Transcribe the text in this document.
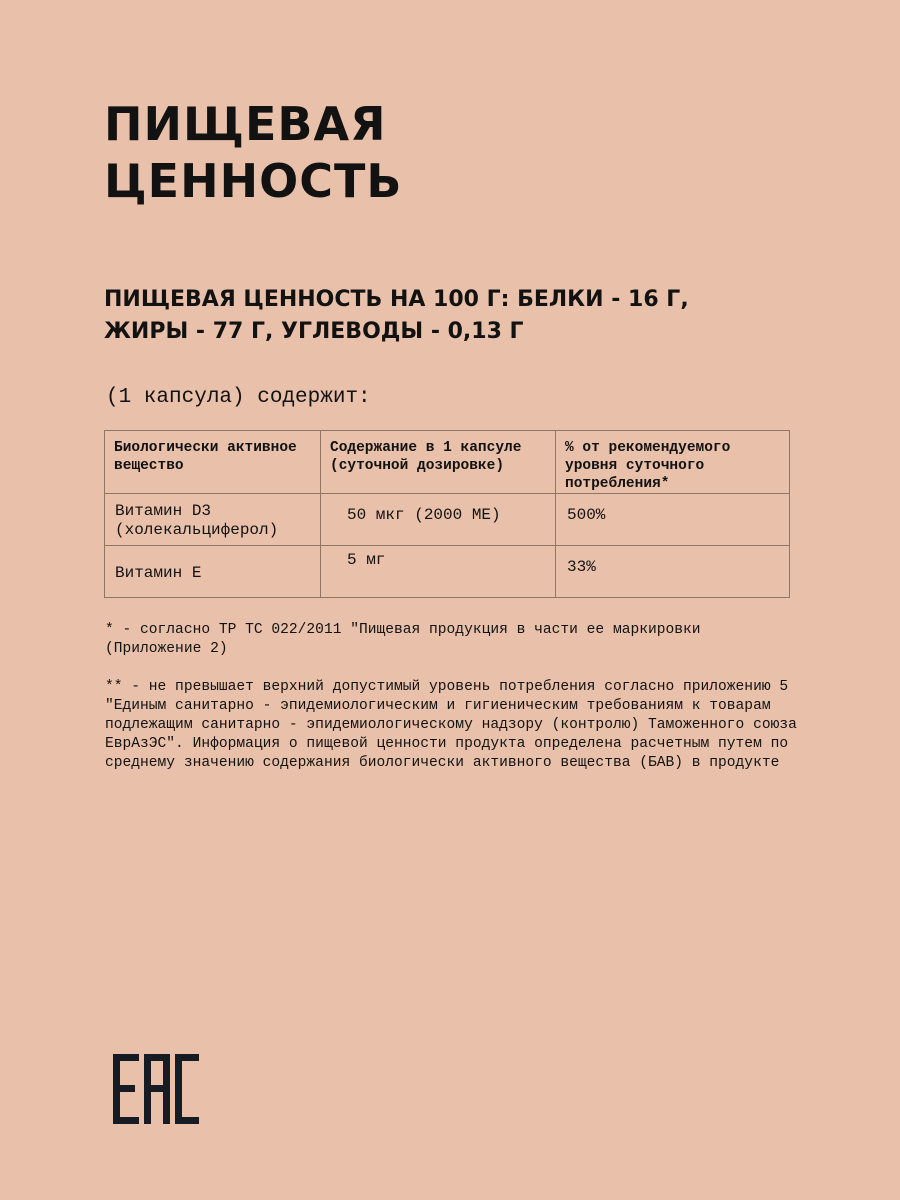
ПИЩЕВАЯ
ЦЕННОСТЬ

ПИЩЕВАЯ ЦЕННОСТЬ НА 100 Г: БЕЛКИ - 16 Г, ЖИРЫ - 77 Г, УГЛЕВОДЫ - 0,13 Г

(1 капсула) содержит:

Биологически активное вещество	Содержание в 1 капсуле (суточной дозировке)	% от рекомендуемого уровня суточного потребления*
Витамин D3 (холекальциферол)	50 мкг (2000 МЕ)	500%
Витамин Е	5 мг	33%

* - согласно ТР ТС 022/2011 "Пищевая продукция в части ее маркировки (Приложение 2)

** - не превышает верхний допустимый уровень потребления согласно приложению 5 "Единым санитарно - эпидемиологическим и гигиеническим требованиям к товарам подлежащим санитарно - эпидемиологическому надзору (контролю) Таможенного союза ЕврАзЭС". Информация о пищевой ценности продукта определена расчетным путем по среднему значению содержания биологически активного вещества (БАВ) в продукте
